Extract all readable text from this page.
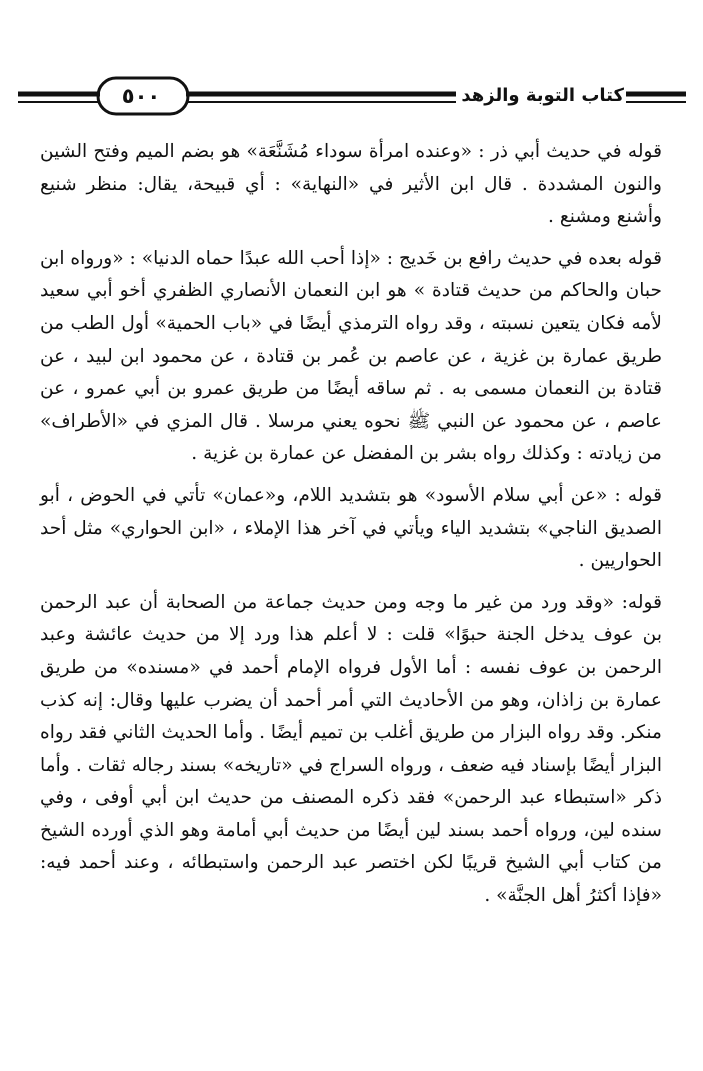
٥٠٠	كتاب التوبة والزهد

قوله في حديث أبي ذر : «وعنده امرأة سوداء مُشَنَّعَة» هو بضم الميم وفتح الشين والنون المشددة . قال ابن الأثير في «النهاية» : أي قبيحة، يقال: منظر شنيع وأشنع ومشنع .

قوله بعده في حديث رافع بن خَديج : «إذا أحب الله عبدًا حماه الدنيا» : «ورواه ابن حبان والحاكم من حديث قتادة » هو ابن النعمان الأنصاري الظفري أخو أبي سعيد لأمه فكان يتعين نسبته ، وقد رواه الترمذي أيضًا في «باب الحمية» أول الطب من طريق عمارة بن غزية ، عن عاصم بن عُمر بن قتادة ، عن محمود ابن لبيد ، عن قتادة بن النعمان مسمى به . ثم ساقه أيضًا من طريق عمرو بن أبي عمرو ، عن عاصم ، عن محمود عن النبي ﷺ نحوه يعني مرسلا . قال المزي في «الأطراف» من زيادته : وكذلك رواه بشر بن المفضل عن عمارة بن غزية .

قوله : «عن أبي سلام الأسود» هو بتشديد اللام، و«عمان» تأتي في الحوض ، أبو الصديق الناجي» بتشديد الياء ويأتي في آخر هذا الإملاء ، «ابن الحواري» مثل أحد الحواريين .

قوله: «وقد ورد من غير ما وجه ومن حديث جماعة من الصحابة أن عبد الرحمن بن عوف يدخل الجنة حبوًا» قلت : لا أعلم هذا ورد إلا من حديث عائشة وعبد الرحمن بن عوف نفسه : أما الأول فرواه الإمام أحمد في «مسنده» من طريق عمارة بن زاذان، وهو من الأحاديث التي أمر أحمد أن يضرب عليها وقال: إنه كذب منكر. وقد رواه البزار من طريق أغلب بن تميم أيضًا . وأما الحديث الثاني فقد رواه البزار أيضًا بإسناد فيه ضعف ، ورواه السراج في «تاريخه» بسند رجاله ثقات . وأما ذكر «استبطاء عبد الرحمن» فقد ذكره المصنف من حديث ابن أبي أوفى ، وفي سنده لين، ورواه أحمد بسند لين أيضًا من حديث أبي أمامة وهو الذي أورده الشيخ من كتاب أبي الشيخ قريبًا لكن اختصر عبد الرحمن واستبطائه ، وعند أحمد فيه: «فإذا أكثرُ أهل الجنَّة» .
